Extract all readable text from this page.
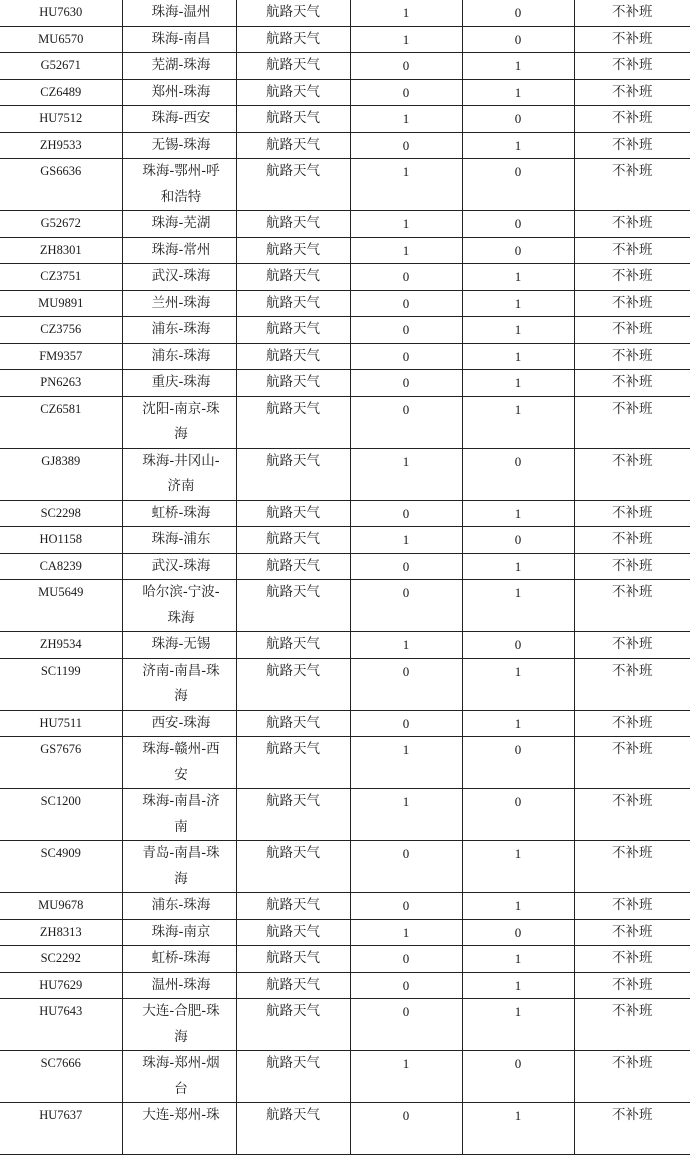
HU7630	珠海-温州	航路天气	1	0	不补班
MU6570	珠海-南昌	航路天气	1	0	不补班
G52671	芜湖-珠海	航路天气	0	1	不补班
CZ6489	郑州-珠海	航路天气	0	1	不补班
HU7512	珠海-西安	航路天气	1	0	不补班
ZH9533	无锡-珠海	航路天气	0	1	不补班
GS6636	珠海-鄂州-呼和浩特	航路天气	1	0	不补班
G52672	珠海-芜湖	航路天气	1	0	不补班
ZH8301	珠海-常州	航路天气	1	0	不补班
CZ3751	武汉-珠海	航路天气	0	1	不补班
MU9891	兰州-珠海	航路天气	0	1	不补班
CZ3756	浦东-珠海	航路天气	0	1	不补班
FM9357	浦东-珠海	航路天气	0	1	不补班
PN6263	重庆-珠海	航路天气	0	1	不补班
CZ6581	沈阳-南京-珠海	航路天气	0	1	不补班
GJ8389	珠海-井冈山-济南	航路天气	1	0	不补班
SC2298	虹桥-珠海	航路天气	0	1	不补班
HO1158	珠海-浦东	航路天气	1	0	不补班
CA8239	武汉-珠海	航路天气	0	1	不补班
MU5649	哈尔滨-宁波-珠海	航路天气	0	1	不补班
ZH9534	珠海-无锡	航路天气	1	0	不补班
SC1199	济南-南昌-珠海	航路天气	0	1	不补班
HU7511	西安-珠海	航路天气	0	1	不补班
GS7676	珠海-赣州-西安	航路天气	1	0	不补班
SC1200	珠海-南昌-济南	航路天气	1	0	不补班
SC4909	青岛-南昌-珠海	航路天气	0	1	不补班
MU9678	浦东-珠海	航路天气	0	1	不补班
ZH8313	珠海-南京	航路天气	1	0	不补班
SC2292	虹桥-珠海	航路天气	0	1	不补班
HU7629	温州-珠海	航路天气	0	1	不补班
HU7643	大连-合肥-珠海	航路天气	0	1	不补班
SC7666	珠海-郑州-烟台	航路天气	1	0	不补班
HU7637	大连-郑州-珠	航路天气	0	1	不补班
